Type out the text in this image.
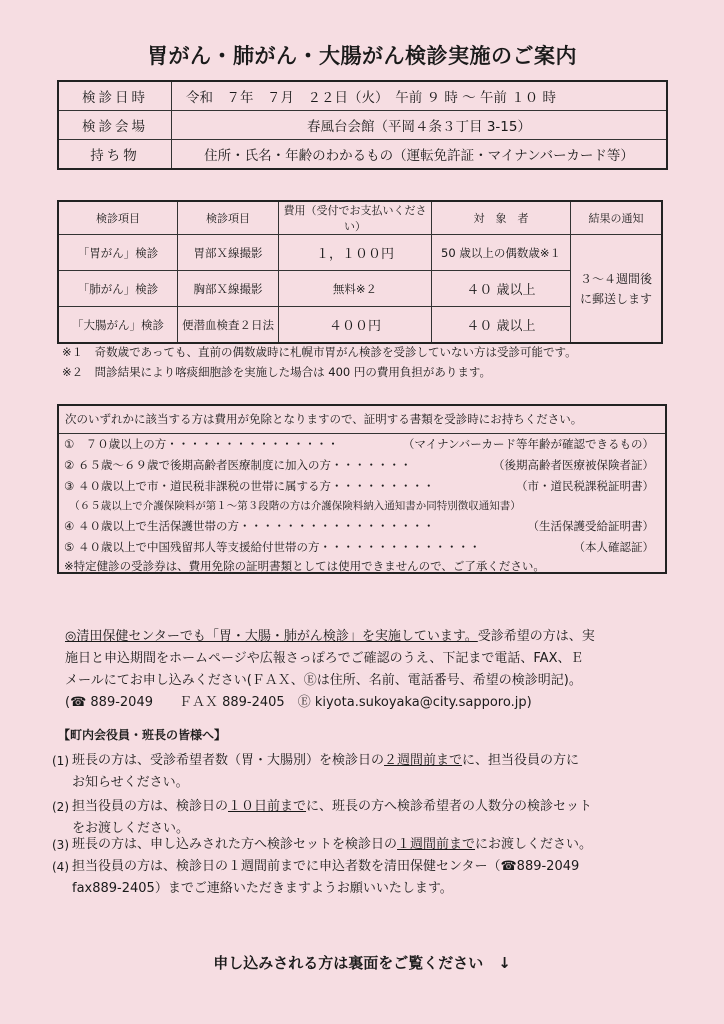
胃がん・肺がん・大腸がん検診実施のご案内
検診日時	令和　７年　７月　２２日（火）　午前 ９ 時 ～ 午前 １０ 時
検診会場	春風台会館（平岡４条３丁目 3-15）
持ち物	住所・氏名・年齢のわかるもの（運転免許証・マイナンバーカード等）
検診項目	検診項目	費用（受付でお支払いください）	対　象　者	結果の通知
「胃がん」検診	胃部Ｘ線撮影	１，１００円	50 歳以上の偶数歳※１	３～４週間後に郵送します
「肺がん」検診	胸部Ｘ線撮影	無料※２	４０ 歳以上	
「大腸がん」検診	便潜血検査２日法	４００円	４０ 歳以上	
※１　奇数歳であっても、直前の偶数歳時に札幌市胃がん検診を受診していない方は受診可能です。
※２　問診結果により喀痰細胞診を実施した場合は 400 円の費用負担があります。
次のいずれかに該当する方は費用が免除となりますので、証明する書類を受診時にお持ちください。
①　７０歳以上の方・・・・・・・・・・・・・・・	（マイナンバーカード等年齢が確認できるもの）
② ６５歳～６９歳で後期高齢者医療制度に加入の方・・・・・・・	（後期高齢者医療被保険者証）
③ ４０歳以上で市・道民税非課税の世帯に属する方・・・・・・・・・	（市・道民税課税証明書）
　（６５歳以上で介護保険料が第１～第３段階の方は介護保険料納入通知書か同特別徴収通知書）
④ ４０歳以上で生活保護世帯の方・・・・・・・・・・・・・・・・・	（生活保護受給証明書）
⑤ ４０歳以上で中国残留邦人等支援給付世帯の方・・・・・・・・・・・・・・	（本人確認証）
※特定健診の受診券は、費用免除の証明書類としては使用できませんので、ご了承ください。
◎清田保健センターでも「胃・大腸・肺がん検診」を実施しています。受診希望の方は、実
施日と申込期間をホームページや広報さっぽろでご確認のうえ、下記まで電話、FAX、Ｅ
メールにてお申し込みください(ＦＡＸ、Ⓔは住所、名前、電話番号、希望の検診明記)。
(☎ 889-2049　　ＦＡＸ 889-2405　Ⓔ kiyota.sukoyaka@city.sapporo.jp)
【町内会役員・班長の皆様へ】
(1) 班長の方は、受診希望者数（胃・大腸別）を検診日の２週間前までに、担当役員の方に
お知らせください。
(2) 担当役員の方は、検診日の１０日前までに、班長の方へ検診希望者の人数分の検診セット
をお渡しください。
(3) 班長の方は、申し込みされた方へ検診セットを検診日の１週間前までにお渡しください。
(4) 担当役員の方は、検診日の１週間前までに申込者数を清田保健センター（☎889-2049
fax889-2405）までご連絡いただきますようお願いいたします。
申し込みされる方は裏面をご覧ください　↓
